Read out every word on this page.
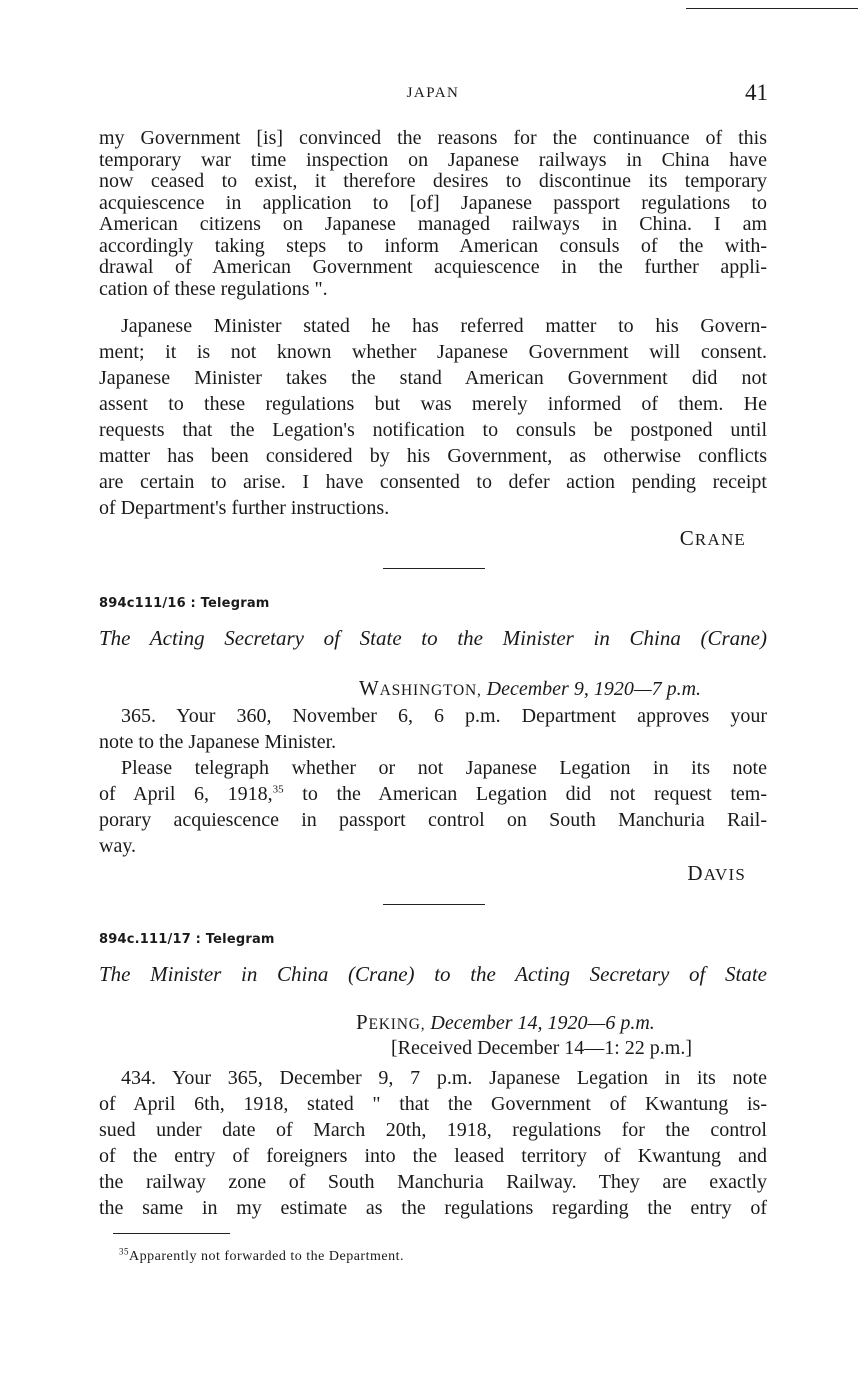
JAPAN	41

my Government [is] convinced the reasons for the continuance of this

temporary war time inspection on Japanese railways in China have

now ceased to exist, it therefore desires to discontinue its temporary

acquiescence in application to [of] Japanese passport regulations to

American citizens on Japanese managed railways in China. I am

accordingly taking steps to inform American consuls of the with-

drawal of American Government acquiescence in the further appli-

cation of these regulations ".

Japanese Minister stated he has referred matter to his Govern-

ment; it is not known whether Japanese Government will consent.

Japanese Minister takes the stand American Government did not

assent to these regulations but was merely informed of them. He

requests that the Legation's notification to consuls be postponed until

matter has been considered by his Government, as otherwise conflicts

are certain to arise. I have consented to defer action pending receipt

of Department's further instructions.

CRANE
894c111/16 : Telegram
The Acting Secretary of State to the Minister in China (Crane)
WASHINGTON, December 9, 1920—7 p.m.

365. Your 360, November 6, 6 p.m. Department approves your

note to the Japanese Minister.

Please telegraph whether or not Japanese Legation in its note

of April 6, 1918,35 to the American Legation did not request tem-

porary acquiescence in passport control on South Manchuria Rail-

way.

DAVIS
894c.111/17 : Telegram
The Minister in China (Crane) to the Acting Secretary of State
PEKING, December 14, 1920—6 p.m.
[Received December 14—1: 22 p.m.]

434. Your 365, December 9, 7 p.m. Japanese Legation in its note

of April 6th, 1918, stated " that the Government of Kwantung is-

sued under date of March 20th, 1918, regulations for the control

of the entry of foreigners into the leased territory of Kwantung and

the railway zone of South Manchuria Railway. They are exactly

the same in my estimate as the regulations regarding the entry of

$^{35}$Apparently not forwarded to the Department.
